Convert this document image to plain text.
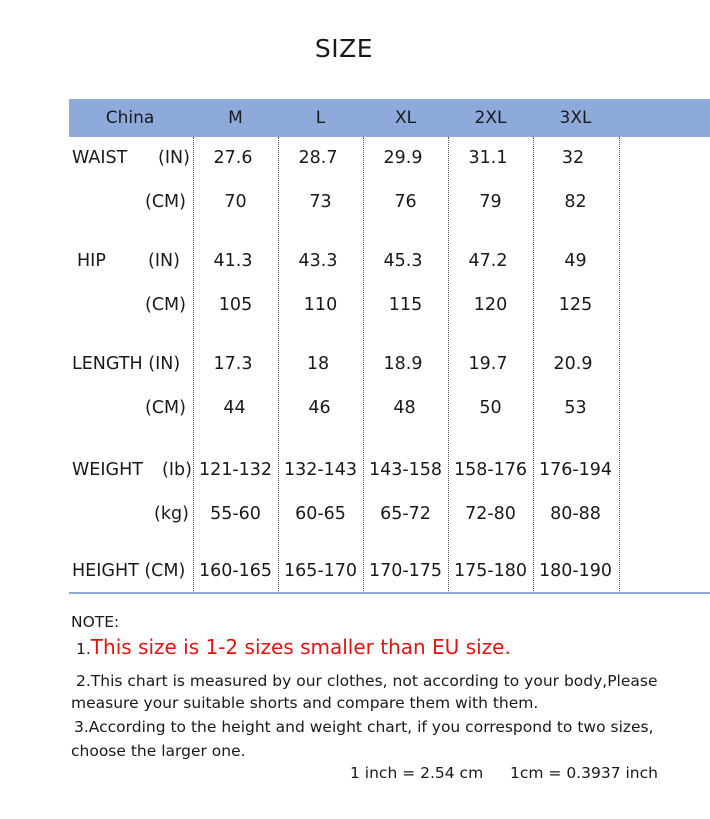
SIZE
China	M	L	XL	2XL	3XL
WAIST (IN)	27.6	28.7	29.9	31.1	32
(CM)	70	73	76	79	82
HIP (IN)	41.3	43.3	45.3	47.2	49
(CM)	105	110	115	120	125
LENGTH (IN)	17.3	18	18.9	19.7	20.9
(CM)	44	46	48	50	53
WEIGHT (Ib) 121-132 132-143 143-158 158-176 176-194
(kg)	55-60	60-65	65-72	72-80	80-88
HEIGHT (CM) 160-165 165-170 170-175 175-180 180-190
NOTE:
1.This size is 1-2 sizes smaller than EU size.
2.This chart is measured by our clothes, not according to your body,Please
measure your suitable shorts and compare them with them.
3.According to the height and weight chart, if you correspond to two sizes,
choose the larger one.
1 inch = 2.54 cm 1cm = 0.3937 inch
